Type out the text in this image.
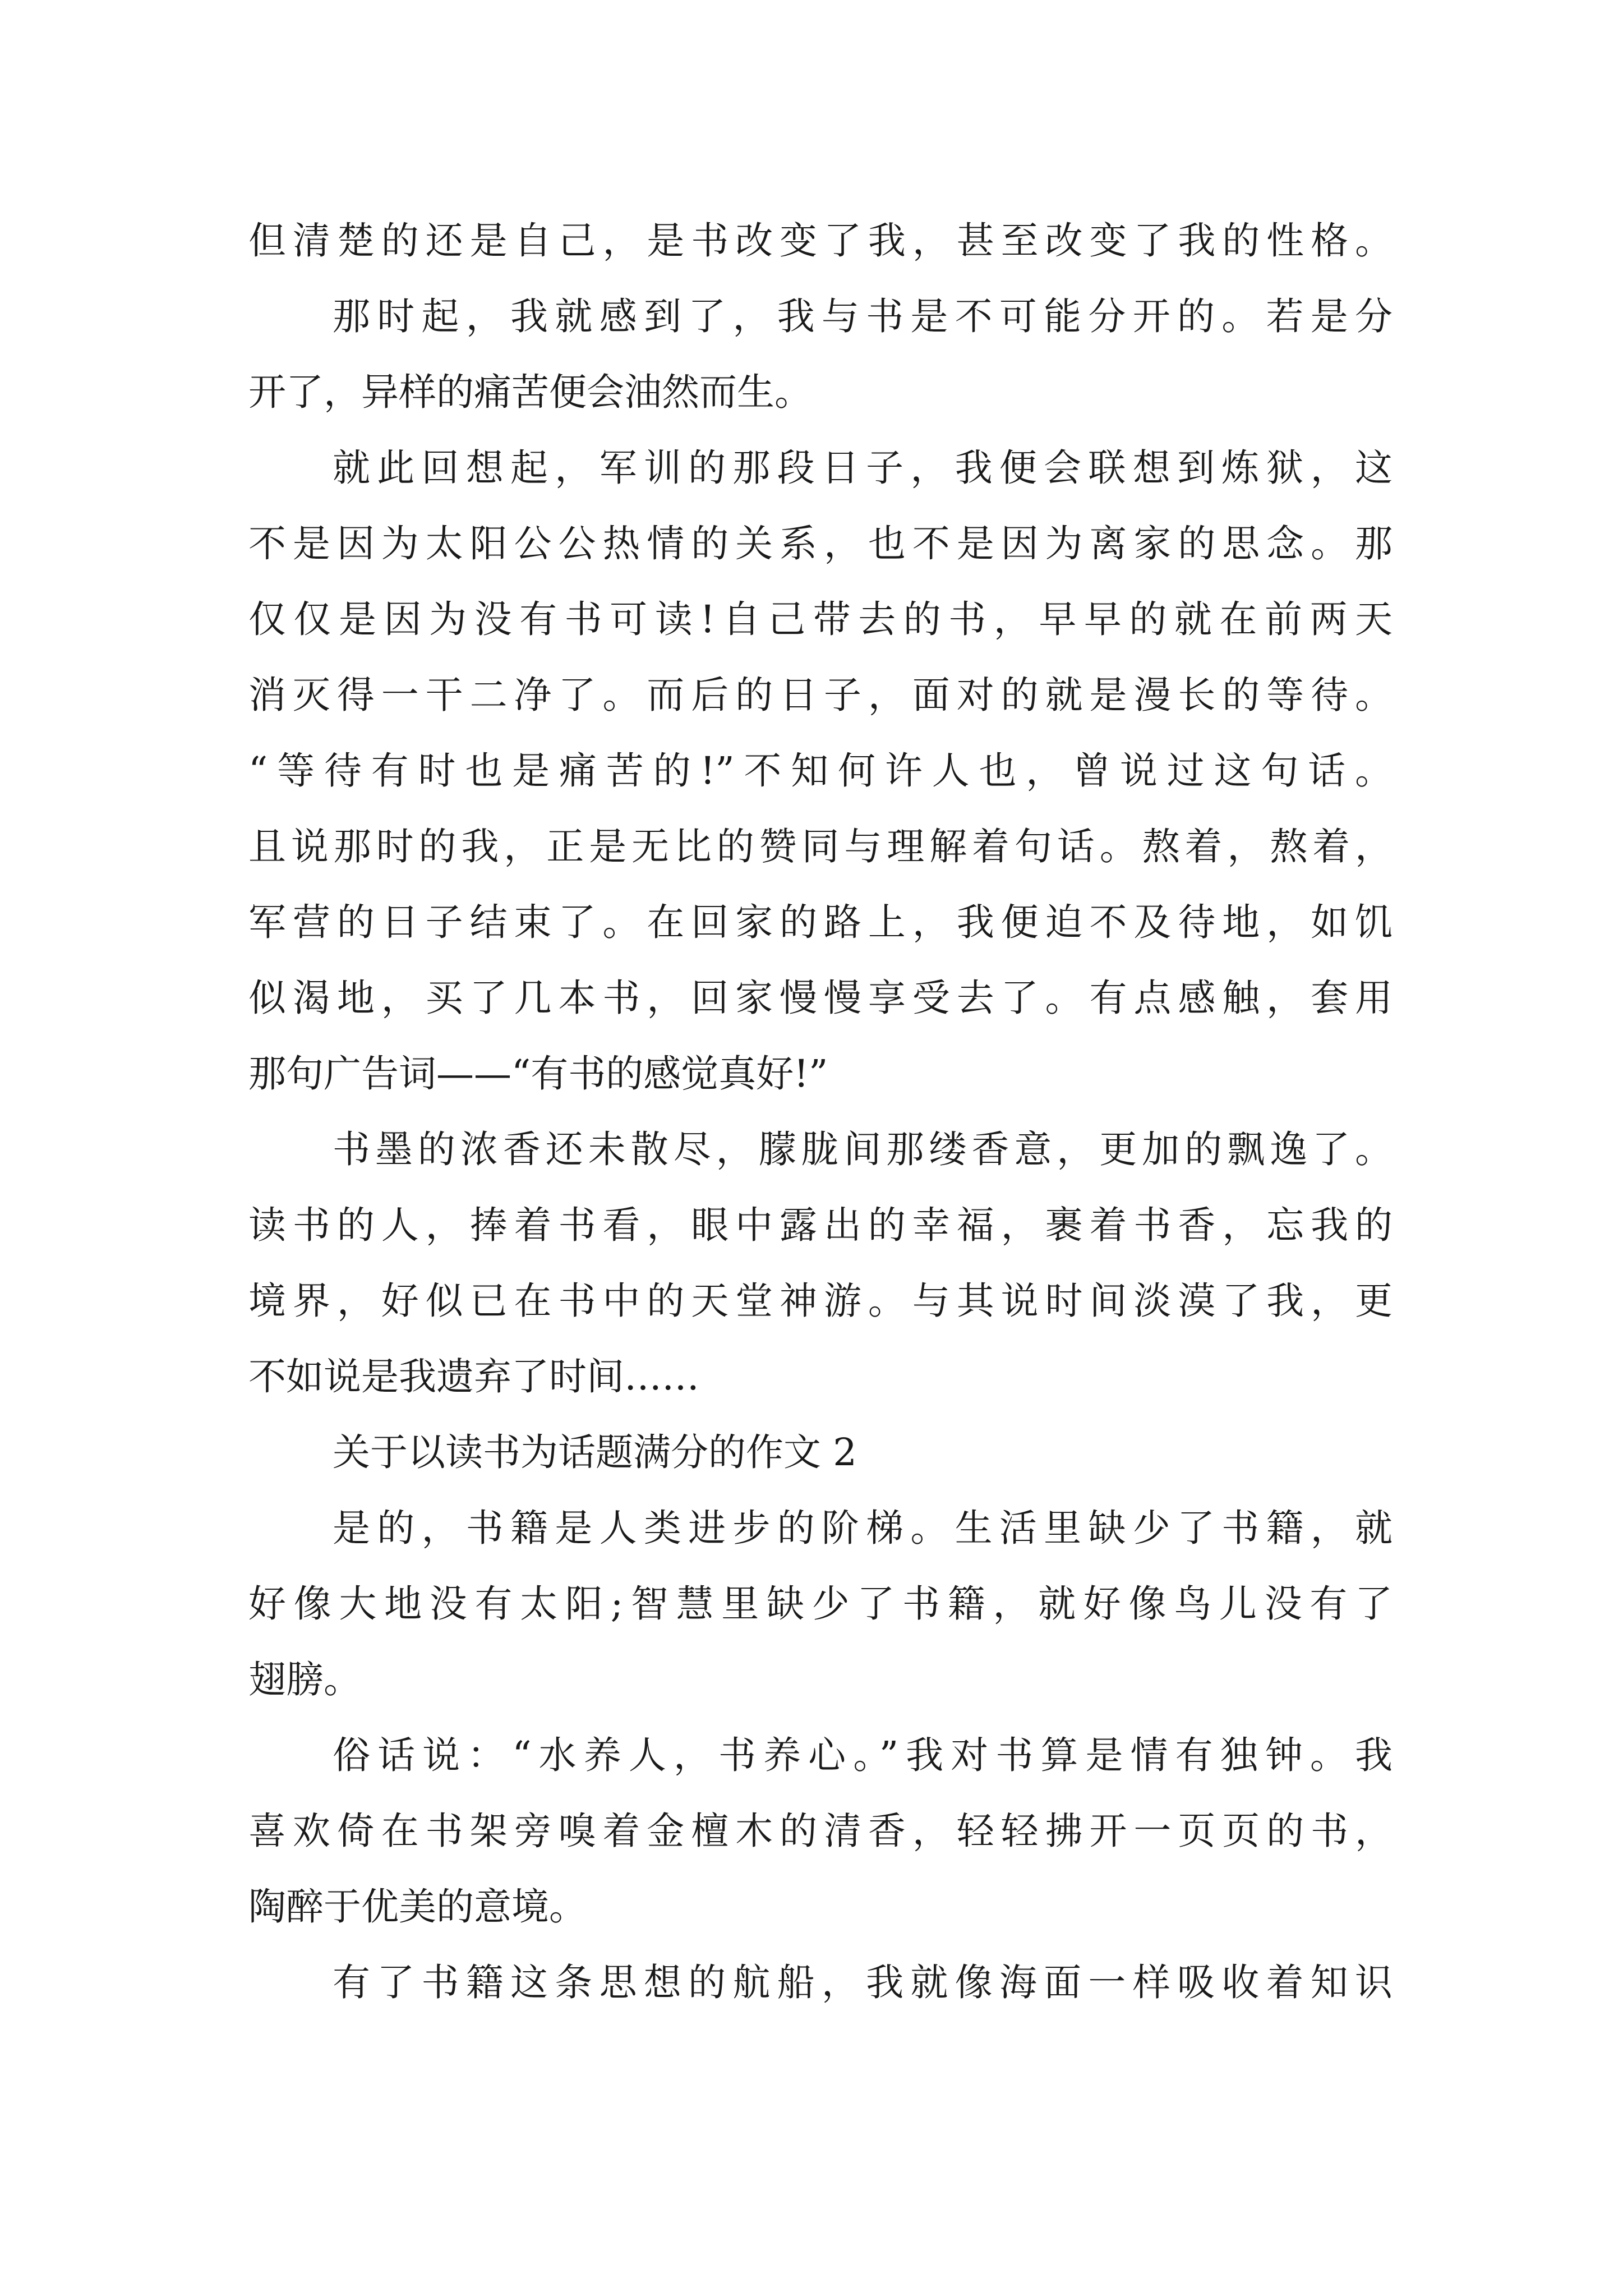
但清楚的还是自己，是书改变了我，甚至改变了我的性格。
那时起，我就感到了，我与书是不可能分开的。若是分
开了，异样的痛苦便会油然而生。
就此回想起，军训的那段日子，我便会联想到炼狱，这
不是因为太阳公公热情的关系，也不是因为离家的思念。那
仅仅是因为没有书可读!自己带去的书，早早的就在前两天
消灭得一干二净了。而后的日子，面对的就是漫长的等待。
“等待有时也是痛苦的!”不知何许人也，曾说过这句话。
且说那时的我，正是无比的赞同与理解着句话。熬着，熬着，
军营的日子结束了。在回家的路上，我便迫不及待地，如饥
似渴地，买了几本书，回家慢慢享受去了。有点感触，套用
那句广告词——“有书的感觉真好!”
书墨的浓香还未散尽，朦胧间那缕香意，更加的飘逸了。
读书的人，捧着书看，眼中露出的幸福，裹着书香，忘我的
境界，好似已在书中的天堂神游。与其说时间淡漠了我，更
不如说是我遗弃了时间……
关于以读书为话题满分的作文 2
是的，书籍是人类进步的阶梯。生活里缺少了书籍，就
好像大地没有太阳;智慧里缺少了书籍，就好像鸟儿没有了
翅膀。
俗话说：“水养人，书养心。”我对书算是情有独钟。我
喜欢倚在书架旁嗅着金檀木的清香，轻轻拂开一页页的书，
陶醉于优美的意境。
有了书籍这条思想的航船，我就像海面一样吸收着知识
